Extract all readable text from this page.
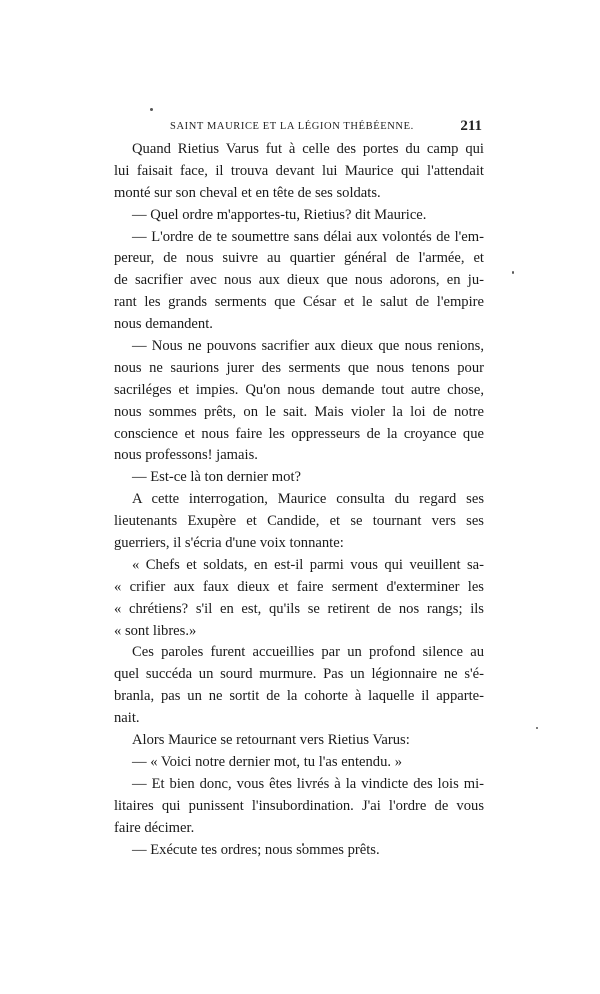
SAINT MAURICE ET LA LÉGION THÉBÉENNE.	211
Quand Rietius Varus fut à celle des portes du camp qui
lui faisait face, il trouva devant lui Maurice qui l'attendait
monté sur son cheval et en tête de ses soldats.
— Quel ordre m'apportes-tu, Rietius? dit Maurice.
— L'ordre de te soumettre sans délai aux volontés de l'em-
pereur, de nous suivre au quartier général de l'armée, et
de sacrifier avec nous aux dieux que nous adorons, en ju-
rant les grands serments que César et le salut de l'empire
nous demandent.
— Nous ne pouvons sacrifier aux dieux que nous renions,
nous ne saurions jurer des serments que nous tenons pour
sacriléges et impies. Qu'on nous demande tout autre chose,
nous sommes prêts, on le sait. Mais violer la loi de notre
conscience et nous faire les oppresseurs de la croyance que
nous professons! jamais.
— Est-ce là ton dernier mot?
A cette interrogation, Maurice consulta du regard ses
lieutenants Exupère et Candide, et se tournant vers ses
guerriers, il s'écria d'une voix tonnante:
« Chefs et soldats, en est-il parmi vous qui veuillent sa-
« crifier aux faux dieux et faire serment d'exterminer les
« chrétiens? s'il en est, qu'ils se retirent de nos rangs; ils
« sont libres.»
Ces paroles furent accueillies par un profond silence au
quel succéda un sourd murmure. Pas un légionnaire ne s'é-
branla, pas un ne sortit de la cohorte à laquelle il apparte-
nait.
Alors Maurice se retournant vers Rietius Varus:
— « Voici notre dernier mot, tu l'as entendu. »
— Et bien donc, vous êtes livrés à la vindicte des lois mi-
litaires qui punissent l'insubordination. J'ai l'ordre de vous
faire décimer.
— Exécute tes ordres; nous sommes prêts.
